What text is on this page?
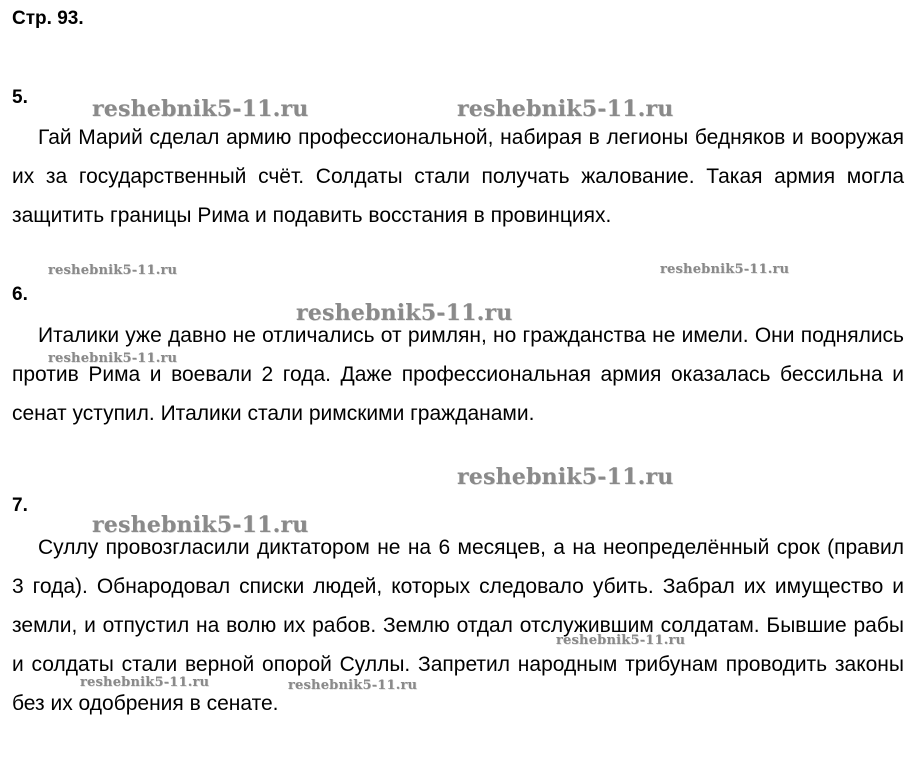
Стр. 93.
5.

Гай Марий сделал армию профессиональной, набирая в легионы бедняков и вооружая их за государственный счёт. Солдаты стали получать жалование. Такая армия могла защитить границы Рима и подавить восстания в провинциях.

6.

Италики уже давно не отличались от римлян, но гражданства не имели. Они поднялись против Рима и воевали 2 года. Даже профессиональная армия оказалась бессильна и сенат уступил. Италики стали римскими гражданами.

7.

Суллу провозгласили диктатором не на 6 месяцев, а на неопределённый срок (правил 3 года). Обнародовал списки людей, которых следовало убить. Забрал их имущество и земли, и отпустил на волю их рабов. Землю отдал отслужившим солдатам. Бывшие рабы и солдаты стали верной опорой Суллы. Запретил народным трибунам проводить законы без их одобрения в сенате.

reshebnik5-11.ru	reshebnik5-11.ru
reshebnik5-11.ru	reshebnik5-11.ru
reshebnik5-11.ru
reshebnik5-11.ru
reshebnik5-11.ru
reshebnik5-11.ru
reshebnik5-11.ru
reshebnik5-11.ru	reshebnik5-11.ru
